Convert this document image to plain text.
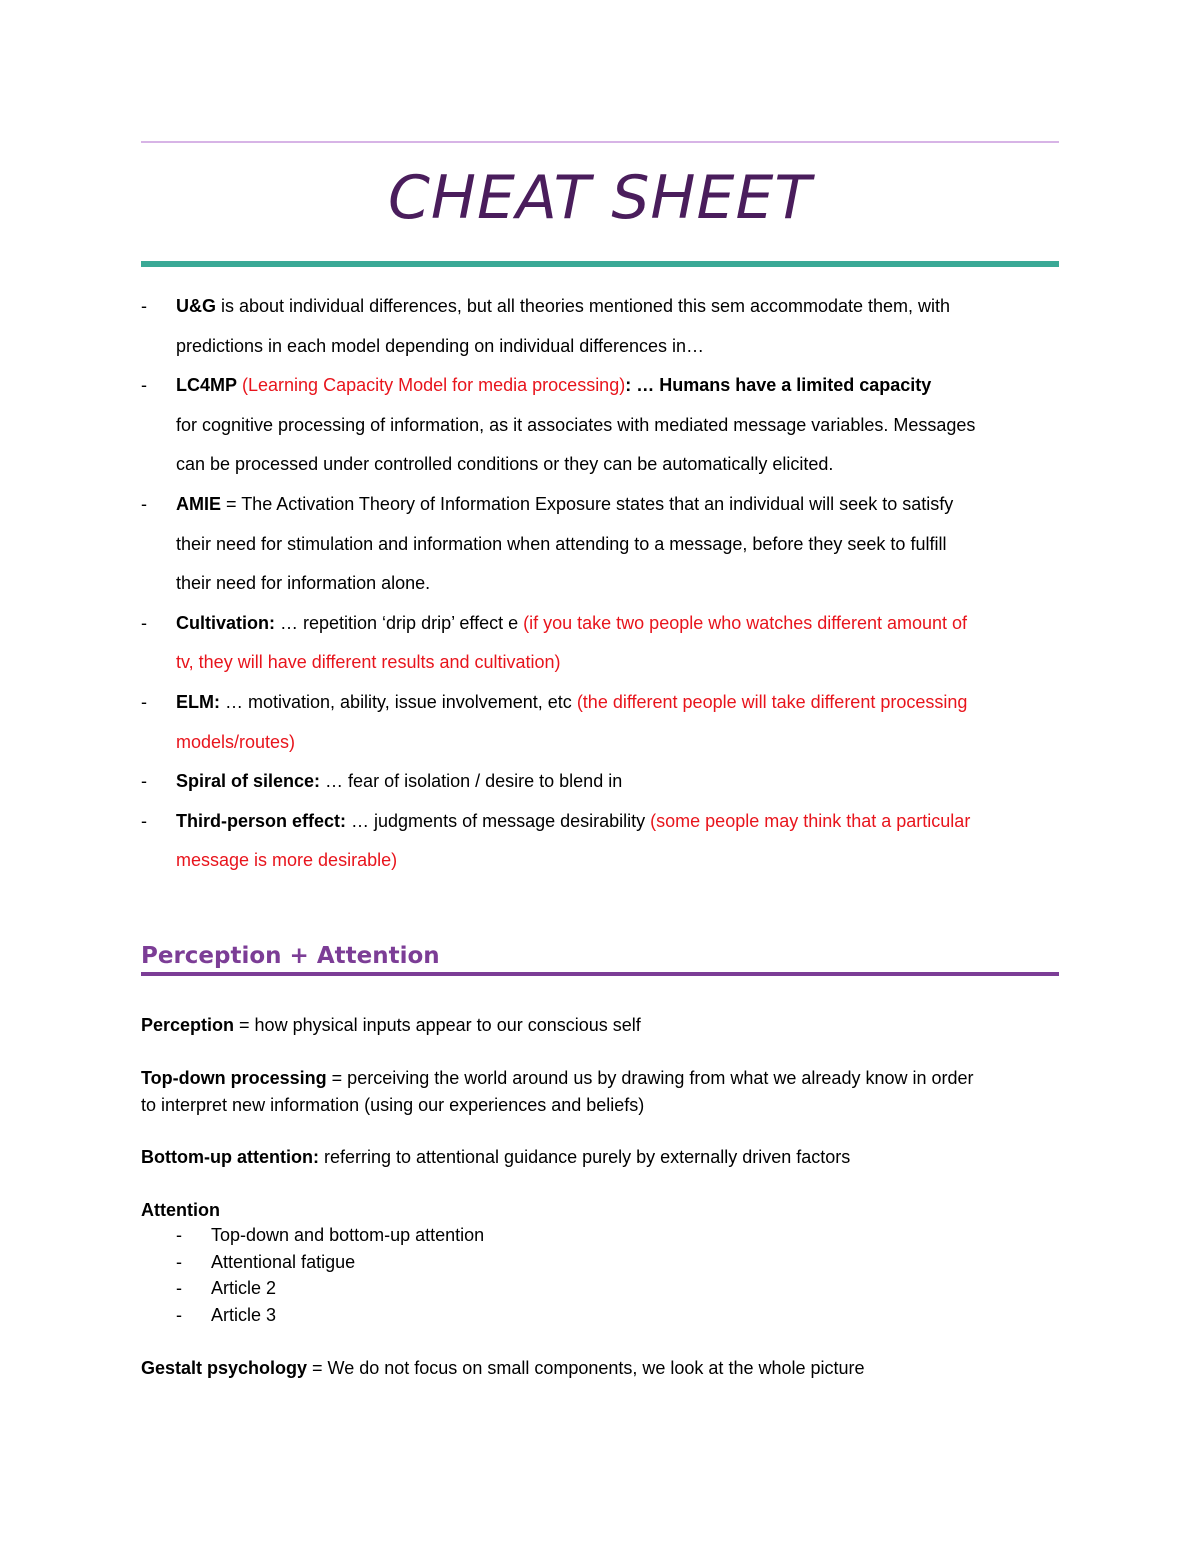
CHEAT SHEET
- U&G is about individual differences, but all theories mentioned this sem accommodate them, with
predictions in each model depending on individual differences in…
- LC4MP (Learning Capacity Model for media processing): … Humans have a limited capacity
for cognitive processing of information, as it associates with mediated message variables. Messages
can be processed under controlled conditions or they can be automatically elicited.
- AMIE = The Activation Theory of Information Exposure states that an individual will seek to satisfy
their need for stimulation and information when attending to a message, before they seek to fulfill
their need for information alone.
- Cultivation: … repetition ‘drip drip’ effect e (if you take two people who watches different amount of
tv, they will have different results and cultivation)
- ELM: … motivation, ability, issue involvement, etc (the different people will take different processing
models/routes)
- Spiral of silence: … fear of isolation / desire to blend in
- Third-person effect: … judgments of message desirability (some people may think that a particular
message is more desirable)
Perception + Attention
Perception = how physical inputs appear to our conscious self
Top-down processing = perceiving the world around us by drawing from what we already know in order
to interpret new information (using our experiences and beliefs)
Bottom-up attention: referring to attentional guidance purely by externally driven factors
Attention
- Top-down and bottom-up attention
- Attentional fatigue
- Article 2
- Article 3
Gestalt psychology = We do not focus on small components, we look at the whole picture
